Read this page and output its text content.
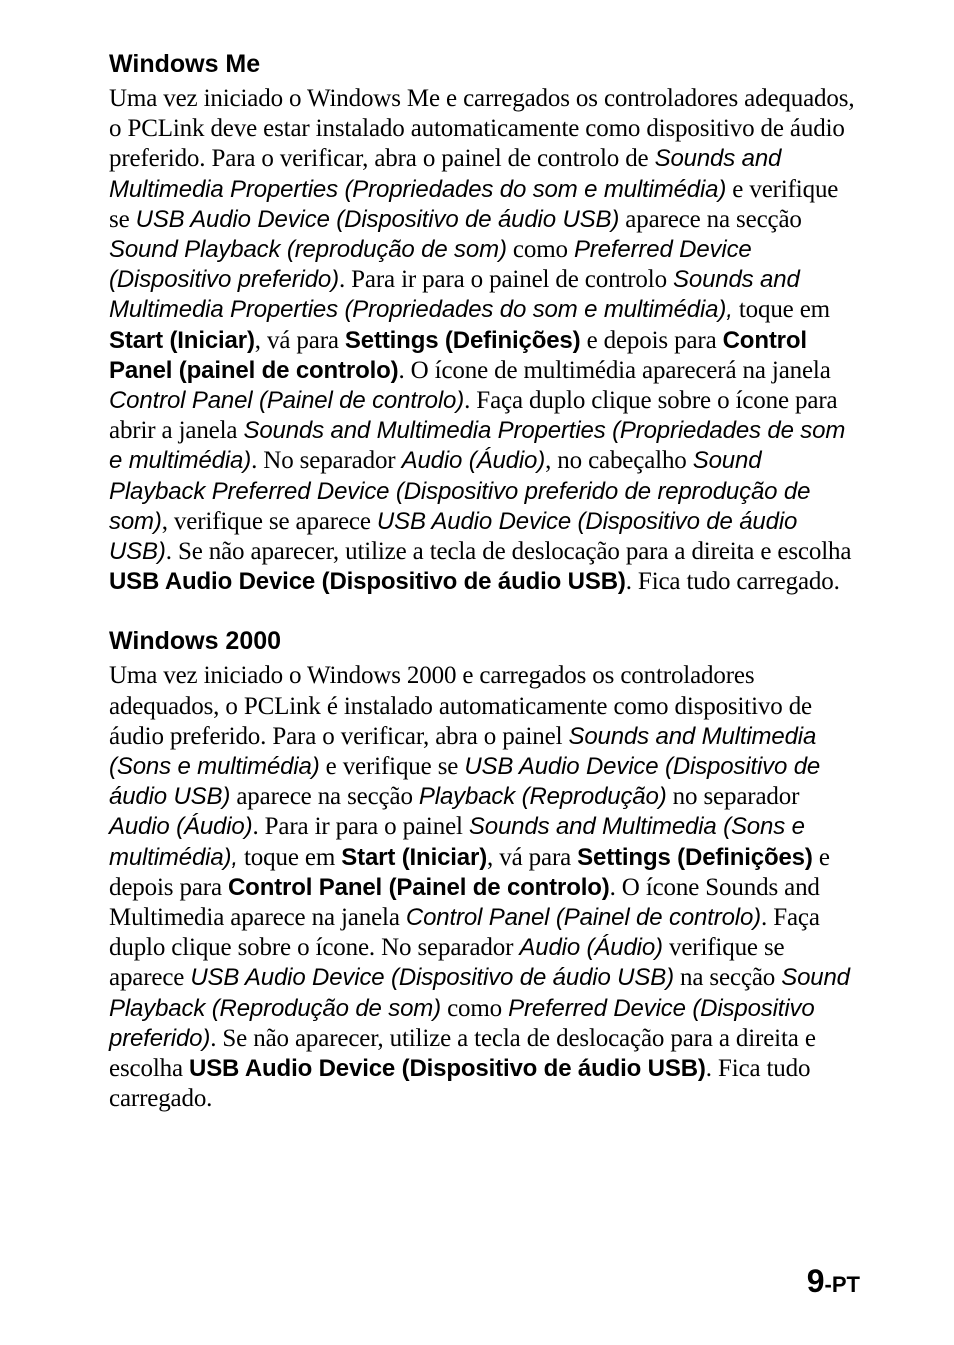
Windows Me

Uma vez iniciado o Windows Me e carregados os controladores adequados, o PCLink deve estar instalado automaticamente como dispositivo de áudio preferido. Para o verificar, abra o painel de controlo de Sounds and Multimedia Properties (Propriedades do som e multimédia) e verifique se USB Audio Device (Dispositivo de áudio USB) aparece na secção Sound Playback (reprodução de som) como Preferred Device (Dispositivo preferido). Para ir para o painel de controlo Sounds and Multimedia Properties (Propriedades do som e multimédia), toque em Start (Iniciar), vá para Settings (Definições) e depois para Control Panel (painel de controlo). O ícone de multimédia aparecerá na janela Control Panel (Painel de controlo). Faça duplo clique sobre o ícone para abrir a janela Sounds and Multimedia Properties (Propriedades de som e multimédia). No separador Audio (Áudio), no cabeçalho Sound Playback Preferred Device (Dispositivo preferido de reprodução de som), verifique se aparece USB Audio Device (Dispositivo de áudio USB). Se não aparecer, utilize a tecla de deslocação para a direita e escolha USB Audio Device (Dispositivo de áudio USB). Fica tudo carregado.

Windows 2000

Uma vez iniciado o Windows 2000 e carregados os controladores adequados, o PCLink é instalado automaticamente como dispositivo de áudio preferido. Para o verificar, abra o painel Sounds and Multimedia (Sons e multimédia) e verifique se USB Audio Device (Dispositivo de áudio USB) aparece na secção Playback (Reprodução) no separador Audio (Áudio). Para ir para o painel Sounds and Multimedia (Sons e multimédia), toque em Start (Iniciar), vá para Settings (Definições) e depois para Control Panel (Painel de controlo). O ícone Sounds and Multimedia aparece na janela Control Panel (Painel de controlo). Faça duplo clique sobre o ícone. No separador Audio (Áudio) verifique se aparece USB Audio Device (Dispositivo de áudio USB) na secção Sound Playback (Reprodução de som) como Preferred Device (Dispositivo preferido). Se não aparecer, utilize a tecla de deslocação para a direita e escolha USB Audio Device (Dispositivo de áudio USB). Fica tudo carregado.

9-PT
